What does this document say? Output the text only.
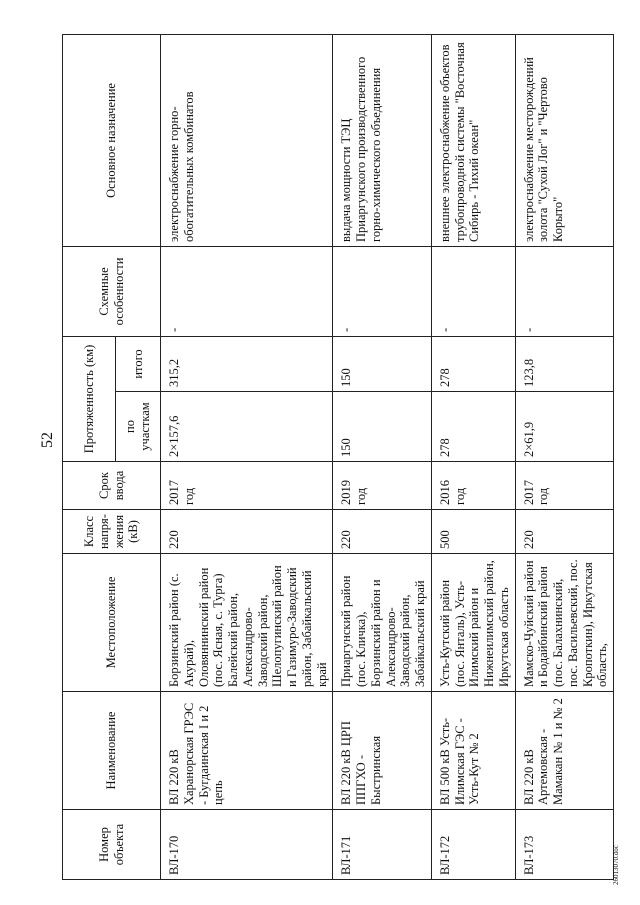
52
Номер объекта	Наименование	Местоположение	Класс напря-жения (кВ)	Срок ввода	Протяженность (км)		Схемные особенности	Основное назначение
					по участкам	итого		
ВЛ-170	ВЛ 220 кВ Харанорская ГРЭС - Бугдаинская I и 2 цепь	Борзинский район (с. Акурай), Оловяннинский район (пос. Ясная, с. Турга) Балейский район, Александрово-Заводский район, Шелопугинский район и Газимуро-Заводский район, Забайкальский край	220	2017 год	2×157,6	315,2	-	электроснабжение горно-обогатительных комбинатов
ВЛ-171	ВЛ 220 кВ ЦРП ППГХО - Быстринская	Приаргунский район (пос. Кличка), Борзинский район и Александрово-Заводский район, Забайкальский край	220	2019 год	150	150	-	выдача мощности ТЭЦ Приаргунского производственного горно-химического объединения
ВЛ-172	ВЛ 500 кВ Усть-Илимская ГЭС - Усть-Кут № 2	Усть-Кутский район (пос. Янталь), Усть-Илимский район и Нижнеилимский район, Иркутская область	500	2016 год	278	278	-	внешнее электроснабжение объектов трубопроводной системы "Восточная Сибирь - Тихий океан"
ВЛ-173	ВЛ 220 кВ Артемовская - Мамакан № 1 и № 2	Мамско-Чуйский район и Бодайбинский район (пос. Балахнинский, пос. Васильевский, пос. Кропоткин), Иркутская область,	220	2017 год	2×61,9	123,8	-	электроснабжение месторождений золота "Сухой Лог" и "Чертово Корыто"
26013070.doc
